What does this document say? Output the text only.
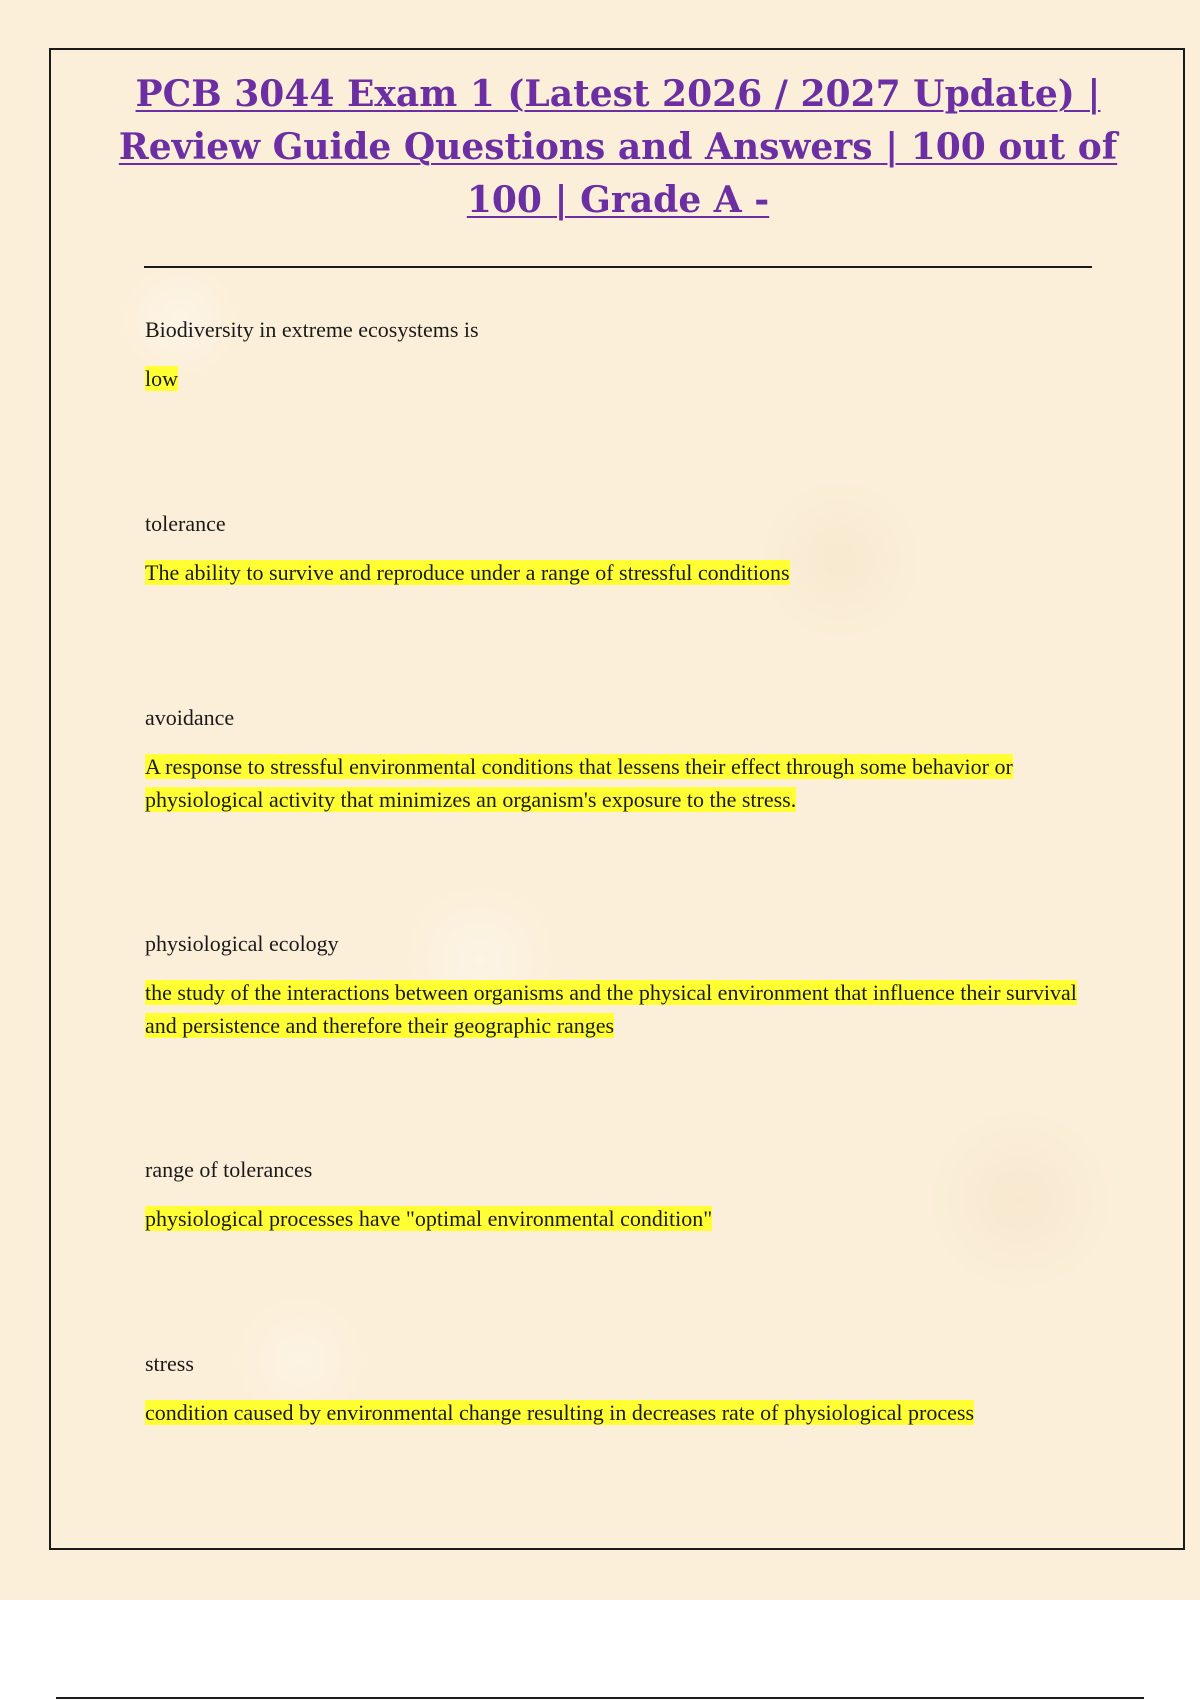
PCB 3044 Exam 1 (Latest 2026 / 2027 Update) | Review Guide Questions and Answers | 100 out of 100 | Grade A -

Biodiversity in extreme ecosystems is

low

tolerance

The ability to survive and reproduce under a range of stressful conditions

avoidance

A response to stressful environmental conditions that lessens their effect through some behavior or physiological activity that minimizes an organism's exposure to the stress.

physiological ecology

the study of the interactions between organisms and the physical environment that influence their survival and persistence and therefore their geographic ranges

range of tolerances

physiological processes have "optimal environmental condition"

stress

condition caused by environmental change resulting in decreases rate of physiological process
